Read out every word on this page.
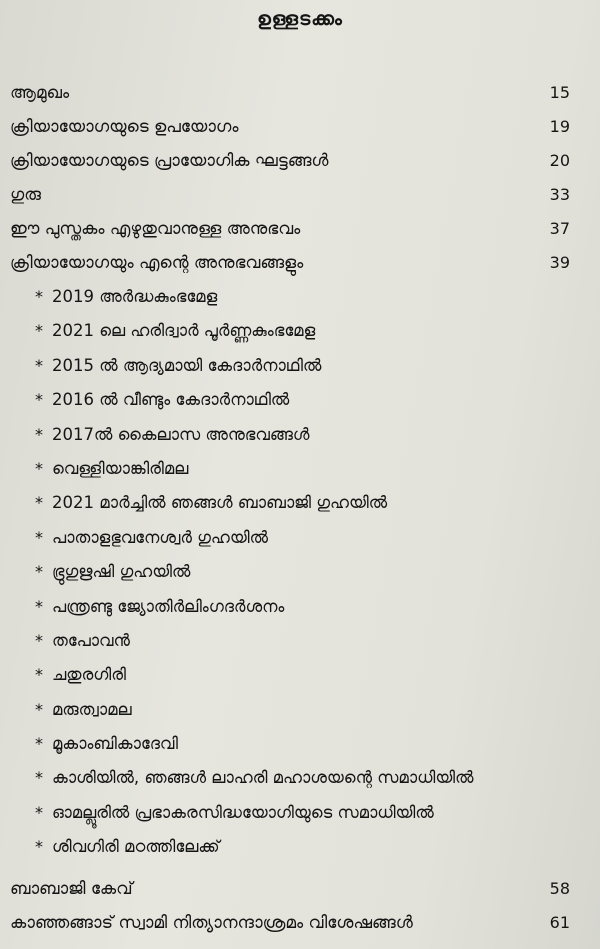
ഉള്ളടക്കം
ആമുഖം	15
ക്രിയായോഗയുടെ ഉപയോഗം	19
ക്രിയായോഗയുടെ പ്രായോഗിക ഘട്ടങ്ങൾ	20
ഗുരു	33
ഈ പുസ്തകം എഴുതുവാനുള്ള അനുഭവം	37
ക്രിയായോഗയും എന്റെ അനുഭവങ്ങളും	39
* 2019 അർദ്ധകുംഭമേള
* 2021 ലെ ഹരിദ്വാർ പൂർണ്ണകുംഭമേള
* 2015 ൽ ആദ്യമായി കേദാർനാഥിൽ
* 2016 ൽ വീണ്ടും കേദാർനാഥിൽ
* 2017ൽ കൈലാസ അനുഭവങ്ങൾ
* വെള്ളിയാങ്കിരിമല
* 2021 മാർച്ചിൽ ഞങ്ങൾ ബാബാജി ഗുഹയിൽ
* പാതാളഭുവനേശ്വർ ഗുഹയിൽ
* ഭ്രുഗുഋഷി ഗുഹയിൽ
* പന്ത്രണ്ടു ജ്യോതിർലിംഗദർശനം
* തപോവൻ
* ചതുരഗിരി
* മരുത്വാമല
* മൂകാംബികാദേവി
* കാശിയിൽ, ഞങ്ങൾ ലാഹരി മഹാശയന്റെ സമാധിയിൽ
* ഓമല്ലൂരിൽ പ്രഭാകരസിദ്ധയോഗിയുടെ സമാധിയിൽ
* ശിവഗിരി മഠത്തിലേക്ക്
ബാബാജി കേവ്	58
കാഞ്ഞങ്ങാട് സ്വാമി നിത്യാനന്ദാശ്രമം വിശേഷങ്ങൾ	61
